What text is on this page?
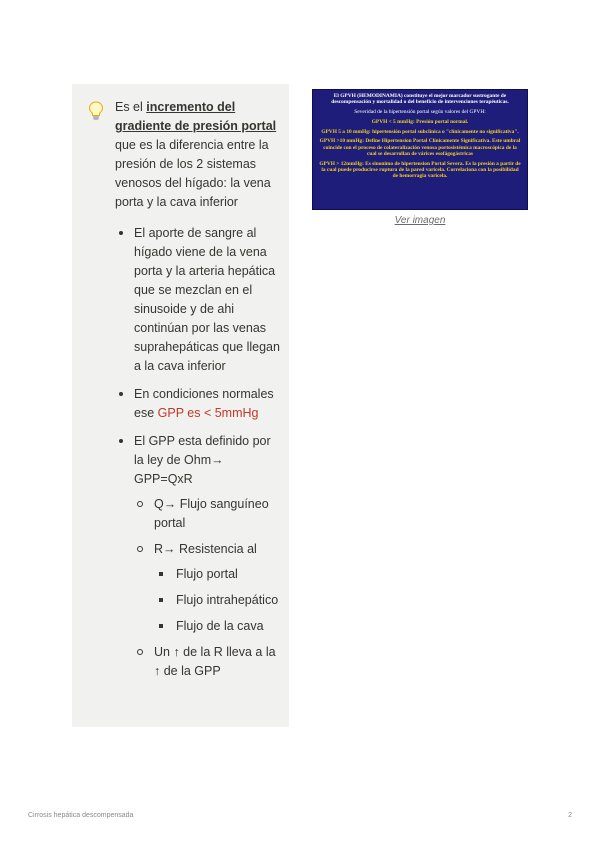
Es el incremento del gradiente de presión portal que es la diferencia entre la presión de los 2 sistemas venosos del hígado: la vena porta y la cava inferior

El aporte de sangre al hígado viene de la vena porta y la arteria hepática que se mezclan en el sinusoide y de ahi continúan por las venas suprahepáticas que llegan a la cava inferior
En condiciones normales ese GPP es < 5mmHg
El GPP esta definido por la ley de Ohm→ GPP=QxR
Q→ Flujo sanguíneo portal
R→ Resistencia al
Flujo portal
Flujo intrahepático
Flujo de la cava
Un ↑ de la R lleva a la ↑ de la GPP

El GPVH (HEMODINAMIA) constituye el mejor marcador sustrogante de descompensación y mortalidad o del beneficio de intervenciones terapéuticas.

Severidad de la hipertensión portal según valores del GPVH:

GPVH < 5 mmHg: Presión portal normal.

GPVH 5 a 10 mmHg: hipertensión portal subclínica o "clínicamente no significativa".

GPVH >10 mmHg: Define Hipertension Portal Clínicamente Significativa. Este umbral coincide con el proceso de colateralización venosa portosistémica macroscópica de la cual se desarrollan de várices esofágogástricas

GPVH > 12mmHg: Es sinonimo de hipertension Portal Severa. Es la presión a partir de la cual puede producirse ruptura de la pared varicela. Correlaciona con la posibilidad de hemorragia varicela.

Ver imagen
Cirrosis hepática descompensada	2
